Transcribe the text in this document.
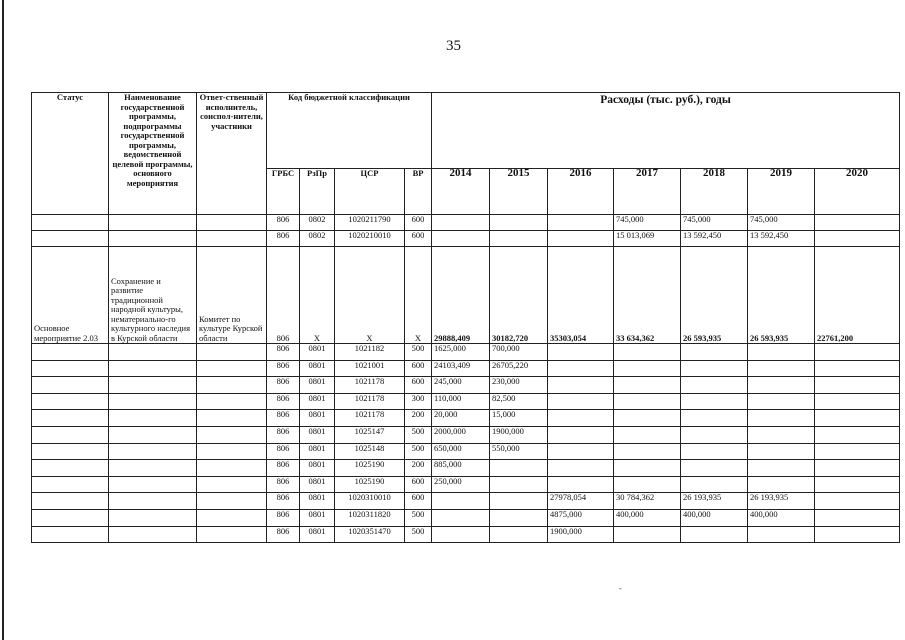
35
Статус	Наименование государственной программы, подпрограммы государственной программы, ведомственной целевой программы, основного мероприятия	Ответ-ственный исполнитель, соиспол-нители, участники	Код бюджетной классификации				Расходы (тыс. руб.), годы						
			ГРБС	РзПр	ЦСР	ВР	2014	2015	2016	2017	2018	2019	2020
			806	0802	1020211790	600				745,000	745,000	745,000	
			806	0802	1020210010	600				15 013,069	13 592,450	13 592,450	
Основное мероприятие 2.03	Сохранение и развитие традиционной народной культуры, нематериально-го культурного наследия в Курской области	Комитет по культуре Курской области	806	X	X	X	29888,409	30182,720	35303,054	33 634,362	26 593,935	26 593,935	22761,200
			806	0801	1021182	500	1625,000	700,000					
			806	0801	1021001	600	24103,409	26705,220					
			806	0801	1021178	600	245,000	230,000					
			806	0801	1021178	300	110,000	82,500					
			806	0801	1021178	200	20,000	15,000					
			806	0801	1025147	500	2000,000	1900,000					
			806	0801	1025148	500	650,000	550,000					
			806	0801	1025190	200	885,000						
			806	0801	1025190	600	250,000						
			806	0801	1020310010	600			27978,054	30 784,362	26 193,935	26 193,935	
			806	0801	1020311820	500			4875,000	400,000	400,000	400,000	
			806	0801	1020351470	500			1900,000				
-
